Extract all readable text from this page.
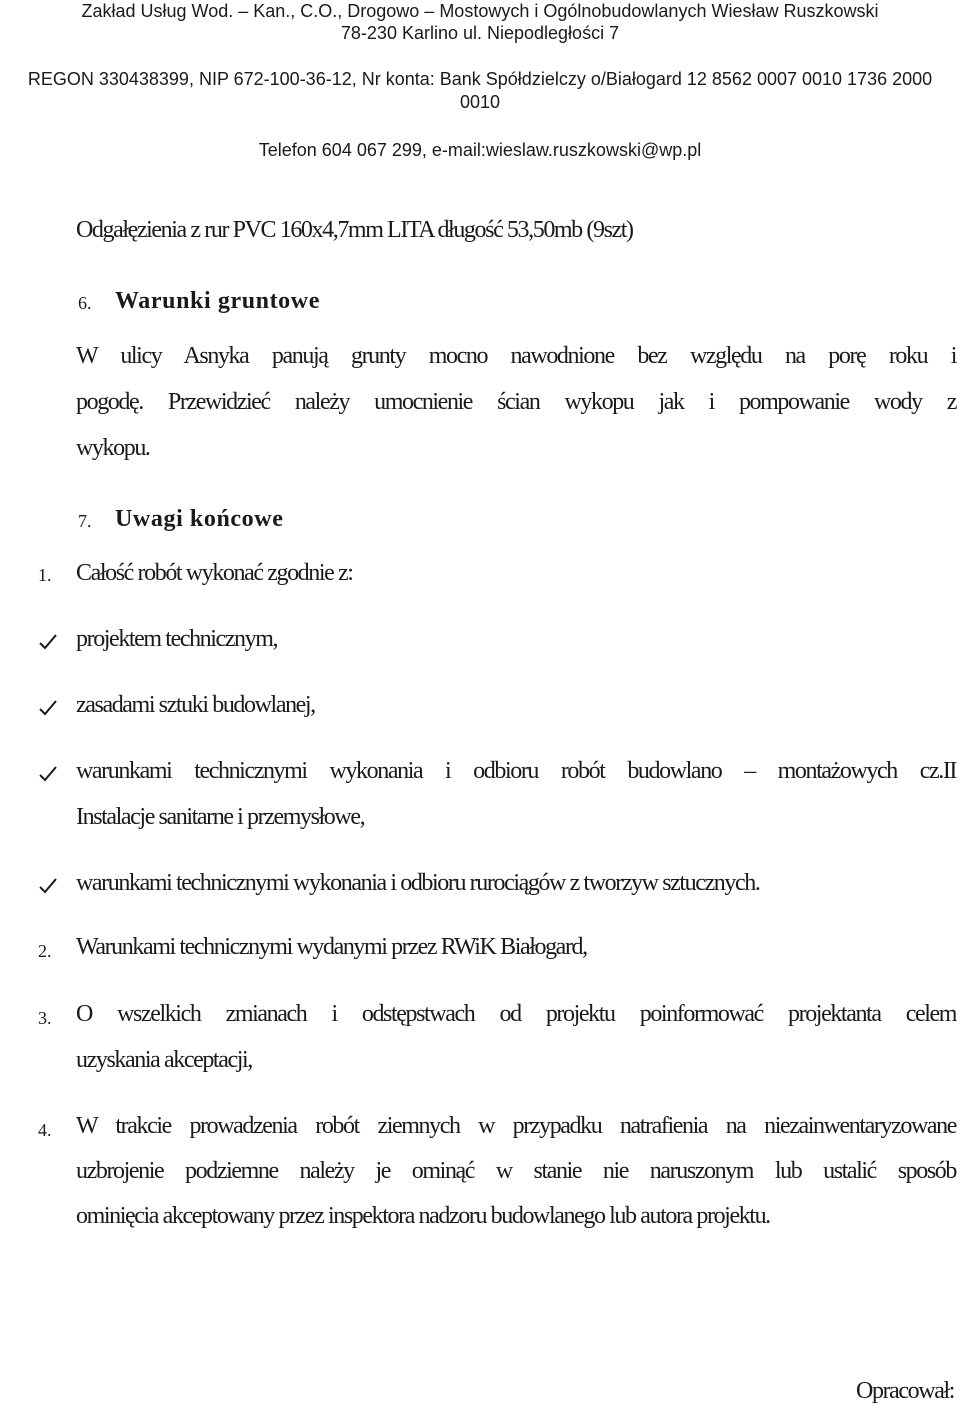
Zakład Usług Wod. – Kan., C.O., Drogowo – Mostowych i Ogólnobudowlanych Wiesław Ruszkowski
78-230 Karlino ul. Niepodległości 7
REGON 330438399, NIP 672-100-36-12, Nr konta: Bank Spółdzielczy o/Białogard 12 8562 0007 0010 1736 2000
0010
Telefon 604 067 299, e-mail:wieslaw.ruszkowski@wp.pl
Odgałęzienia z rur PVC 160x4,7mm LITA długość 53,50mb (9szt)
6. Warunki gruntowe
W ulicy Asnyka panują grunty mocno nawodnione bez względu na porę roku i
pogodę. Przewidzieć należy umocnienie ścian wykopu jak i pompowanie wody z
wykopu.
7. Uwagi końcowe
1. Całość robót wykonać zgodnie z:
projektem technicznym,
zasadami sztuki budowlanej,
warunkami technicznymi wykonania i odbioru robót budowlano – montażowych cz.II
Instalacje sanitarne i przemysłowe,
warunkami technicznymi wykonania i odbioru rurociągów z tworzyw sztucznych.
2. Warunkami technicznymi wydanymi przez RWiK Białogard,
3. O wszelkich zmianach i odstępstwach od projektu poinformować projektanta celem
uzyskania akceptacji,
4. W trakcie prowadzenia robót ziemnych w przypadku natrafienia na niezainwentaryzowane
uzbrojenie podziemne należy je ominąć w stanie nie naruszonym lub ustalić sposób
ominięcia akceptowany przez inspektora nadzoru budowlanego lub autora projektu.
Opracował:
